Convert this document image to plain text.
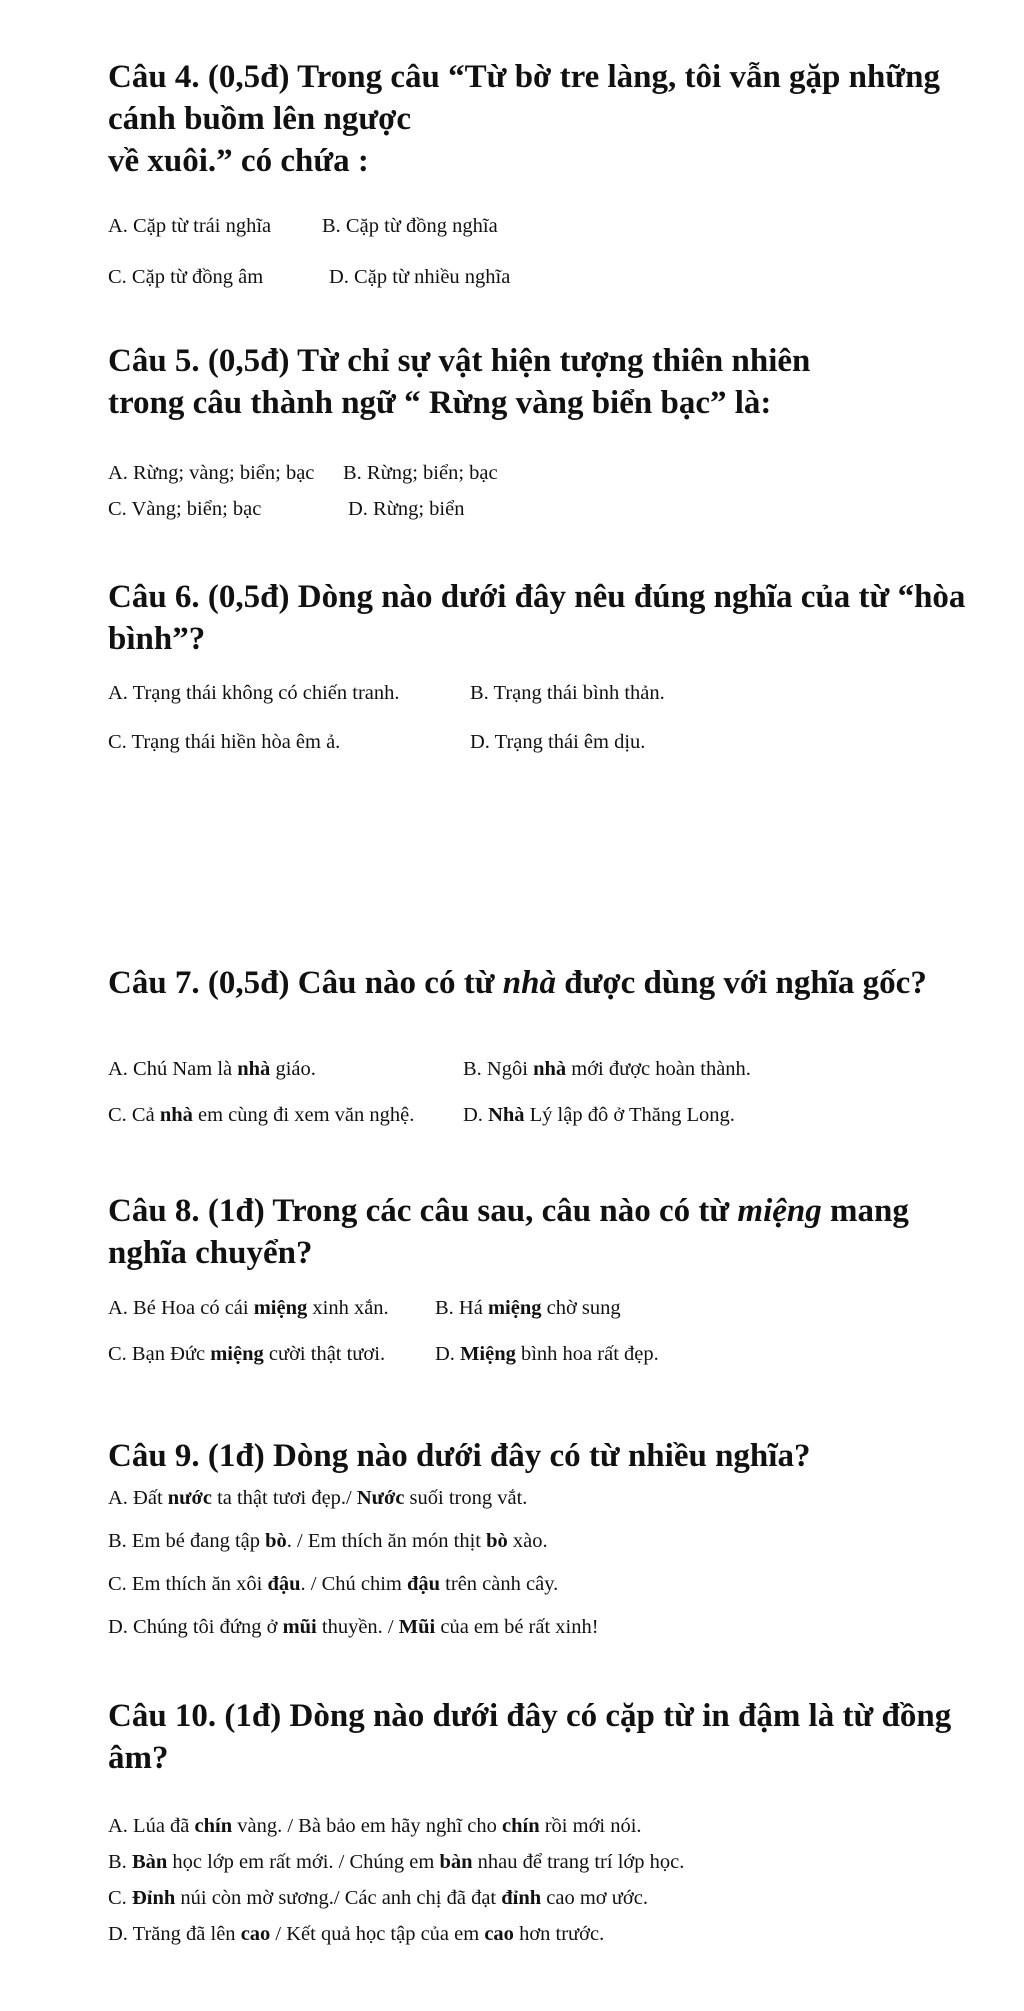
Câu 4. (0,5đ) Trong câu “Từ bờ tre làng, tôi vẫn gặp những cánh buồm lên ngược
về xuôi.” có chứa :

A. Cặp từ trái nghĩa B. Cặp từ đồng nghĩa
C. Cặp từ đồng âm	D. Cặp từ nhiều nghĩa

Câu 5. (0,5đ) Từ chỉ sự vật hiện tượng thiên nhiên trong câu thành ngữ “ Rừng vàng biển bạc” là:

A. Rừng; vàng; biển; bạc B. Rừng; biển; bạc
C. Vàng; biển; bạc	D. Rừng; biển

Câu 6. (0,5đ) Dòng nào dưới đây nêu đúng nghĩa của từ “hòa bình”?

A. Trạng thái không có chiến tranh.	B. Trạng thái bình thản.
C. Trạng thái hiền hòa êm ả.	D. Trạng thái êm dịu.

Câu 7. (0,5đ) Câu nào có từ nhà được dùng với nghĩa gốc?

A. Chú Nam là nhà giáo.	B. Ngôi nhà mới được hoàn thành.
C. Cả nhà em cùng đi xem văn nghệ. D. Nhà Lý lập đô ở Thăng Long.

Câu 8. (1đ) Trong các câu sau, câu nào có từ miệng mang nghĩa chuyển?

A. Bé Hoa có cái miệng xinh xắn. B. Há miệng chờ sung
C. Bạn Đức miệng cười thật tươi. D. Miệng bình hoa rất đẹp.

Câu 9. (1đ) Dòng nào dưới đây có từ nhiều nghĩa?

A. Đất nước ta thật tươi đẹp./ Nước suối trong vắt.
B. Em bé đang tập bò. / Em thích ăn món thịt bò xào.
C. Em thích ăn xôi đậu. / Chú chim đậu trên cành cây.
D. Chúng tôi đứng ở mũi thuyền. / Mũi của em bé rất xinh!

Câu 10. (1đ) Dòng nào dưới đây có cặp từ in đậm là từ đồng âm?

A. Lúa đã chín vàng. / Bà bảo em hãy nghĩ cho chín rồi mới nói.
B. Bàn học lớp em rất mới. / Chúng em bàn nhau để trang trí lớp học.
C. Đỉnh núi còn mờ sương./ Các anh chị đã đạt đỉnh cao mơ ước.
D. Trăng đã lên cao / Kết quả học tập của em cao hơn trước.
